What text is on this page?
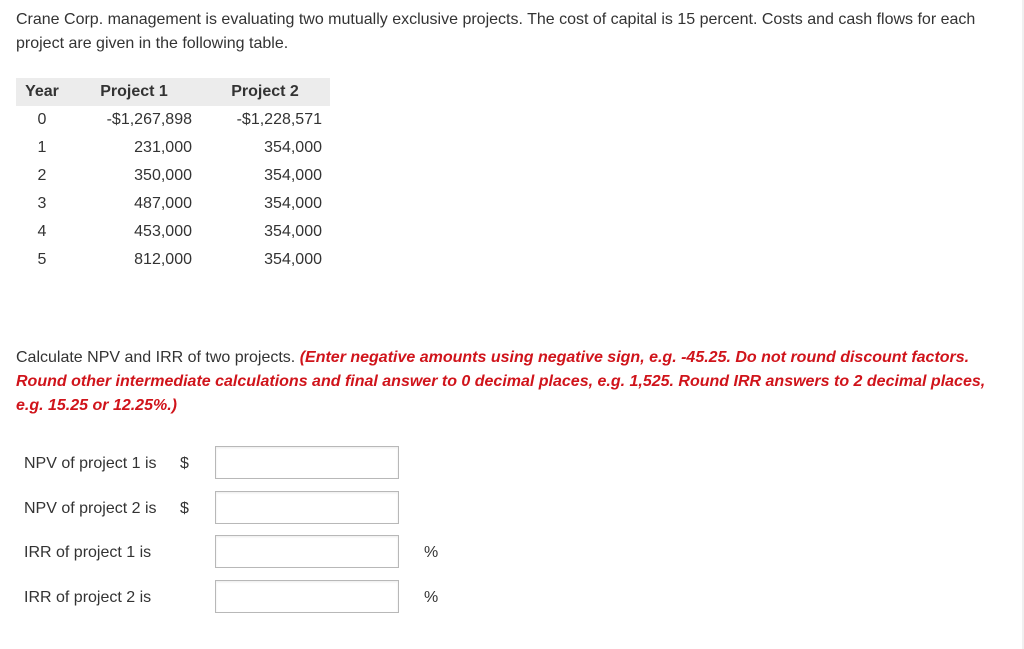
Crane Corp. management is evaluating two mutually exclusive projects. The cost of capital is 15 percent. Costs and cash flows for each project are given in the following table.
Year	Project 1	Project 2
0	-$1,267,898	-$1,228,571
1	231,000	354,000
2	350,000	354,000
3	487,000	354,000
4	453,000	354,000
5	812,000	354,000
Calculate NPV and IRR of two projects. (Enter negative amounts using negative sign, e.g. -45.25. Do not round discount factors. Round other intermediate calculations and final answer to 0 decimal places, e.g. 1,525. Round IRR answers to 2 decimal places, e.g. 15.25 or 12.25%.)
NPV of project 1 is $
NPV of project 2 is $
IRR of project 1 is	%
IRR of project 2 is	%
